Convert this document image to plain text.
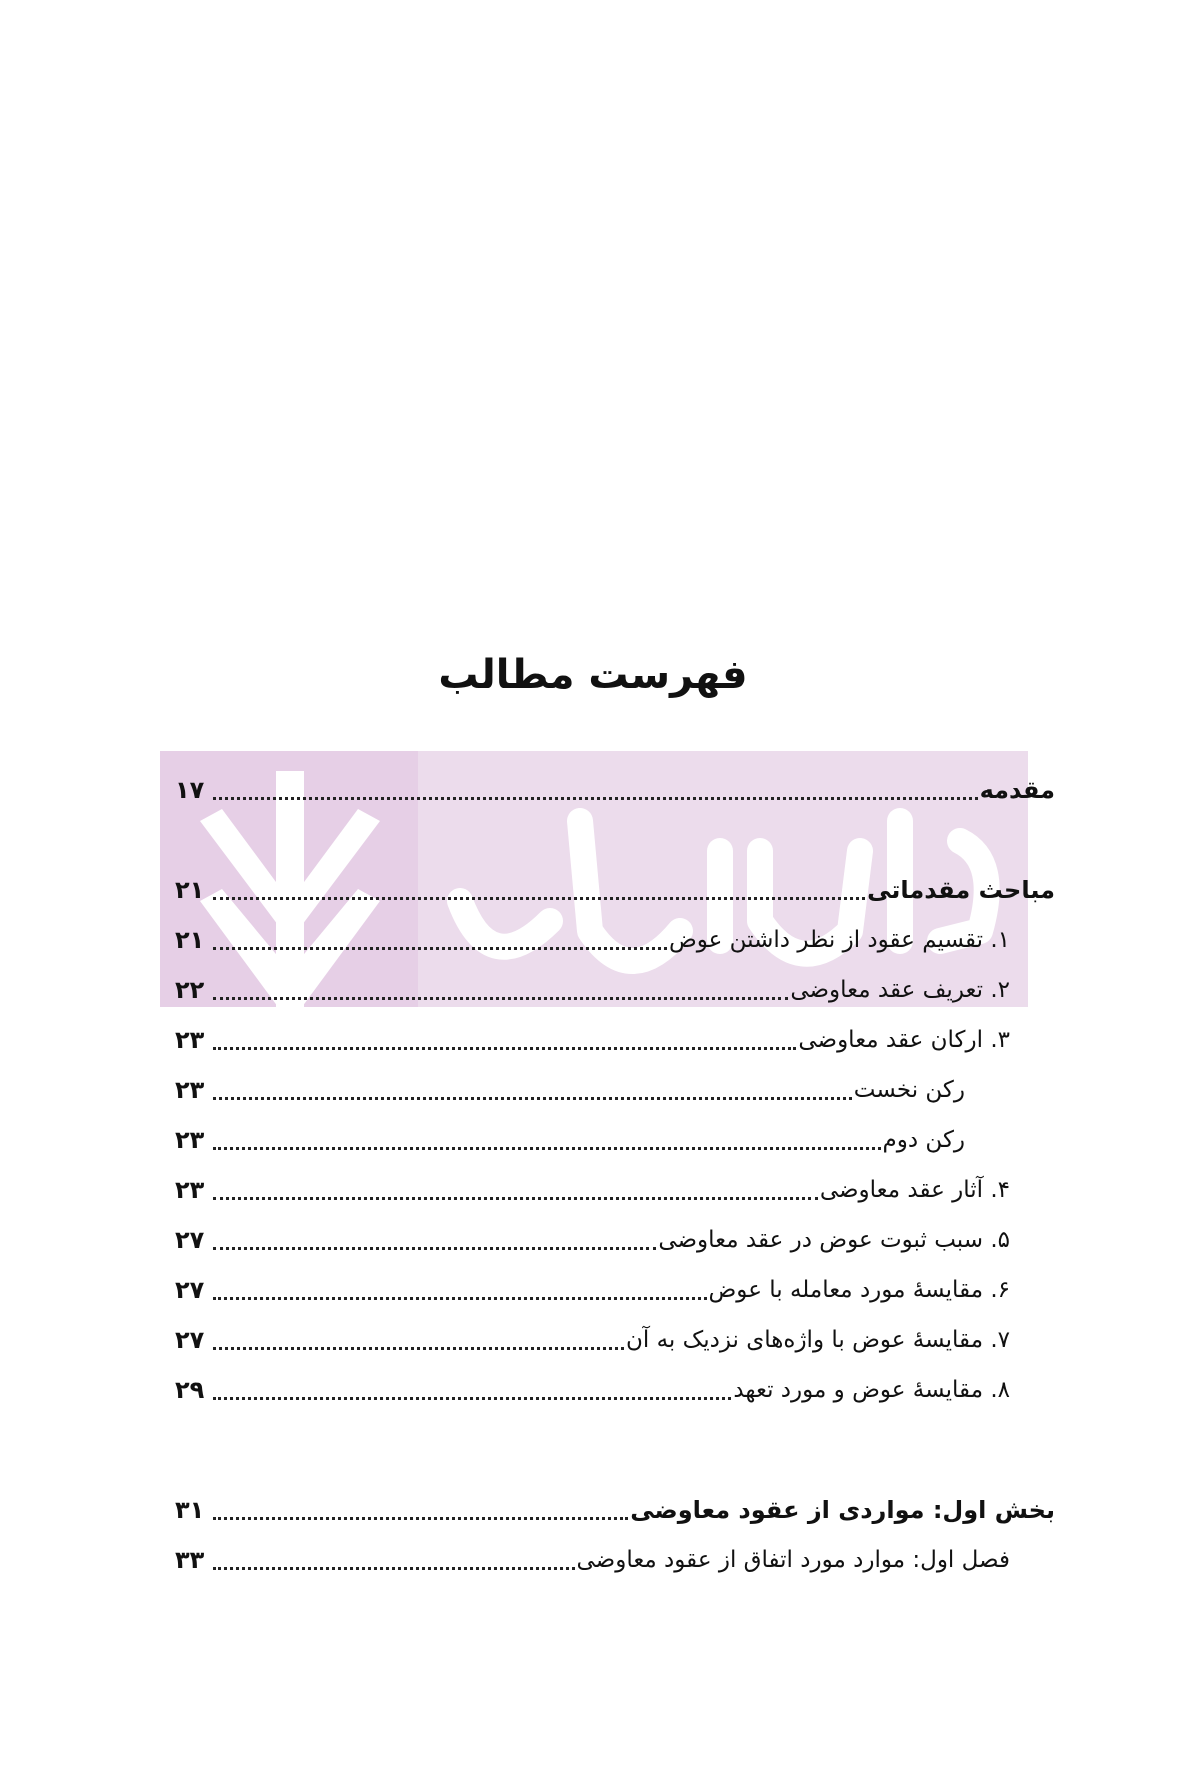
فهرست مطالب
مقدمه
۱۷
مباحث مقدماتی
۲۱
۱. تقسیم عقود از نظر داشتن عوض
۲۱
۲. تعریف عقد معاوضی
۲۲
۳. ارکان عقد معاوضی
۲۳
رکن نخست
۲۳
رکن دوم
۲۳
۴. آثار عقد معاوضی
۲۳
۵. سبب ثبوت عوض در عقد معاوضی
۲۷
۶. مقایسهٔ مورد معامله با عوض
۲۷
۷. مقایسهٔ عوض با واژه‌های نزدیک به آن
۲۷
۸. مقایسهٔ عوض و مورد تعهد
۲۹
بخش اول: مواردی از عقود معاوضی
۳۱
فصل اول: موارد مورد اتفاق از عقود معاوضی
۳۳
